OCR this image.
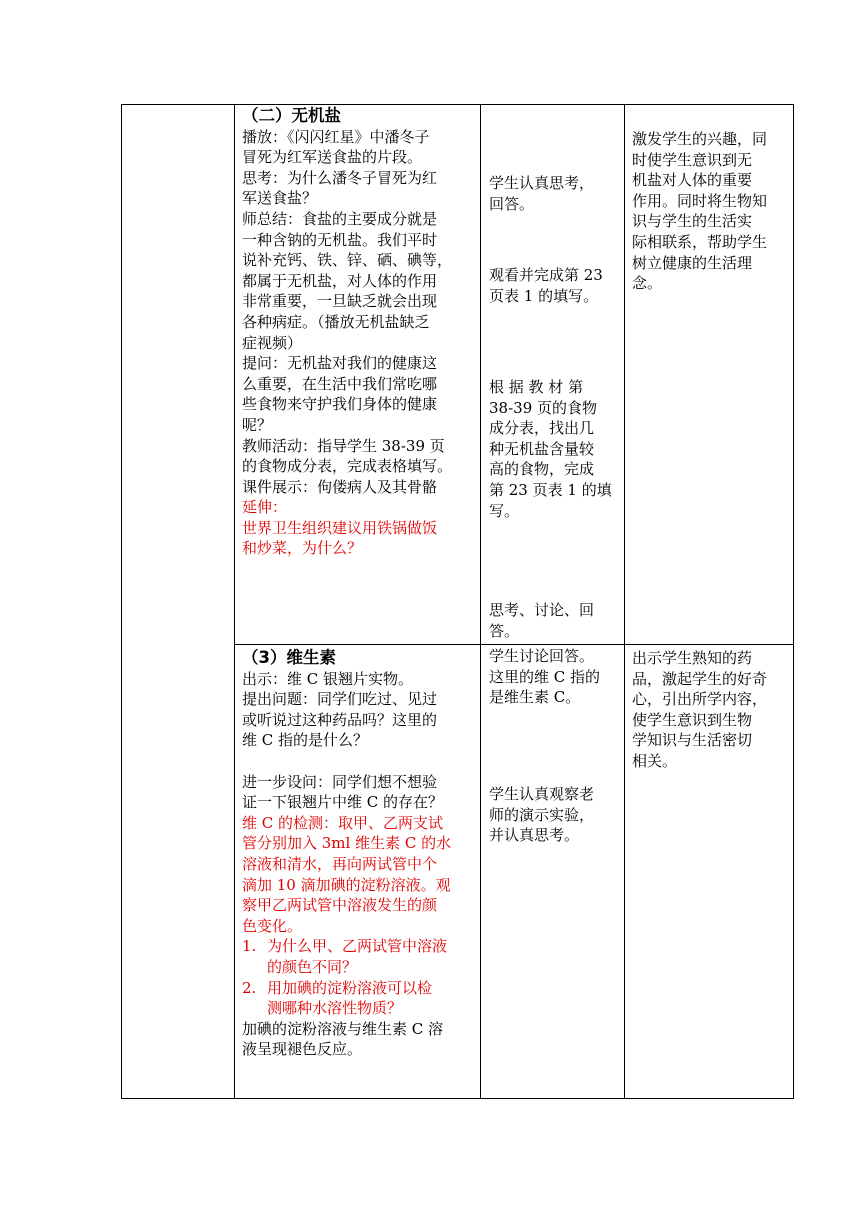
（二）无机盐

播放：《闪闪红星》中潘冬子

冒死为红军送食盐的片段。

思考：为什么潘冬子冒死为红

军送食盐？

师总结：食盐的主要成分就是

一种含钠的无机盐。我们平时

说补充钙、铁、锌、硒、碘等，

都属于无机盐，对人体的作用

非常重要，一旦缺乏就会出现

各种病症。（播放无机盐缺乏

症视频）

提问：无机盐对我们的健康这

么重要，在生活中我们常吃哪

些食物来守护我们身体的健康

呢？

教师活动：指导学生 38-39 页

的食物成分表，完成表格填写。

课件展示：佝偻病人及其骨骼

延伸：

世界卫生组织建议用铁锅做饭

和炒菜，为什么？

学生认真思考，

回答。

观看并完成第 23

页表 1 的填写。

根 据 教 材 第

38-39 页的食物

成分表，找出几

种无机盐含量较

高的食物，完成

第 23 页表 1 的填

写。

思考、讨论、回

答。

激发学生的兴趣，同

时使学生意识到无

机盐对人体的重要

作用。同时将生物知

识与学生的生活实

际相联系，帮助学生

树立健康的生活理

念。

（3）维生素

出示：维 C 银翘片实物。

提出问题：同学们吃过、见过

或听说过这种药品吗？这里的

维 C 指的是什么？

进一步设问：同学们想不想验

证一下银翘片中维 C 的存在？

维 C 的检测：取甲、乙两支试

管分别加入 3ml 维生素 C 的水

溶液和清水，再向两试管中个

滴加 10 滴加碘的淀粉溶液。观

察甲乙两试管中溶液发生的颜

色变化。

1. 为什么甲、乙两试管中溶液

的颜色不同？

2. 用加碘的淀粉溶液可以检

测哪种水溶性物质？

加碘的淀粉溶液与维生素 C 溶

液呈现褪色反应。

学生讨论回答。

这里的维 C 指的

是维生素 C。

学生认真观察老

师的演示实验，

并认真思考。

出示学生熟知的药

品，激起学生的好奇

心，引出所学内容，

使学生意识到生物

学知识与生活密切

相关。
